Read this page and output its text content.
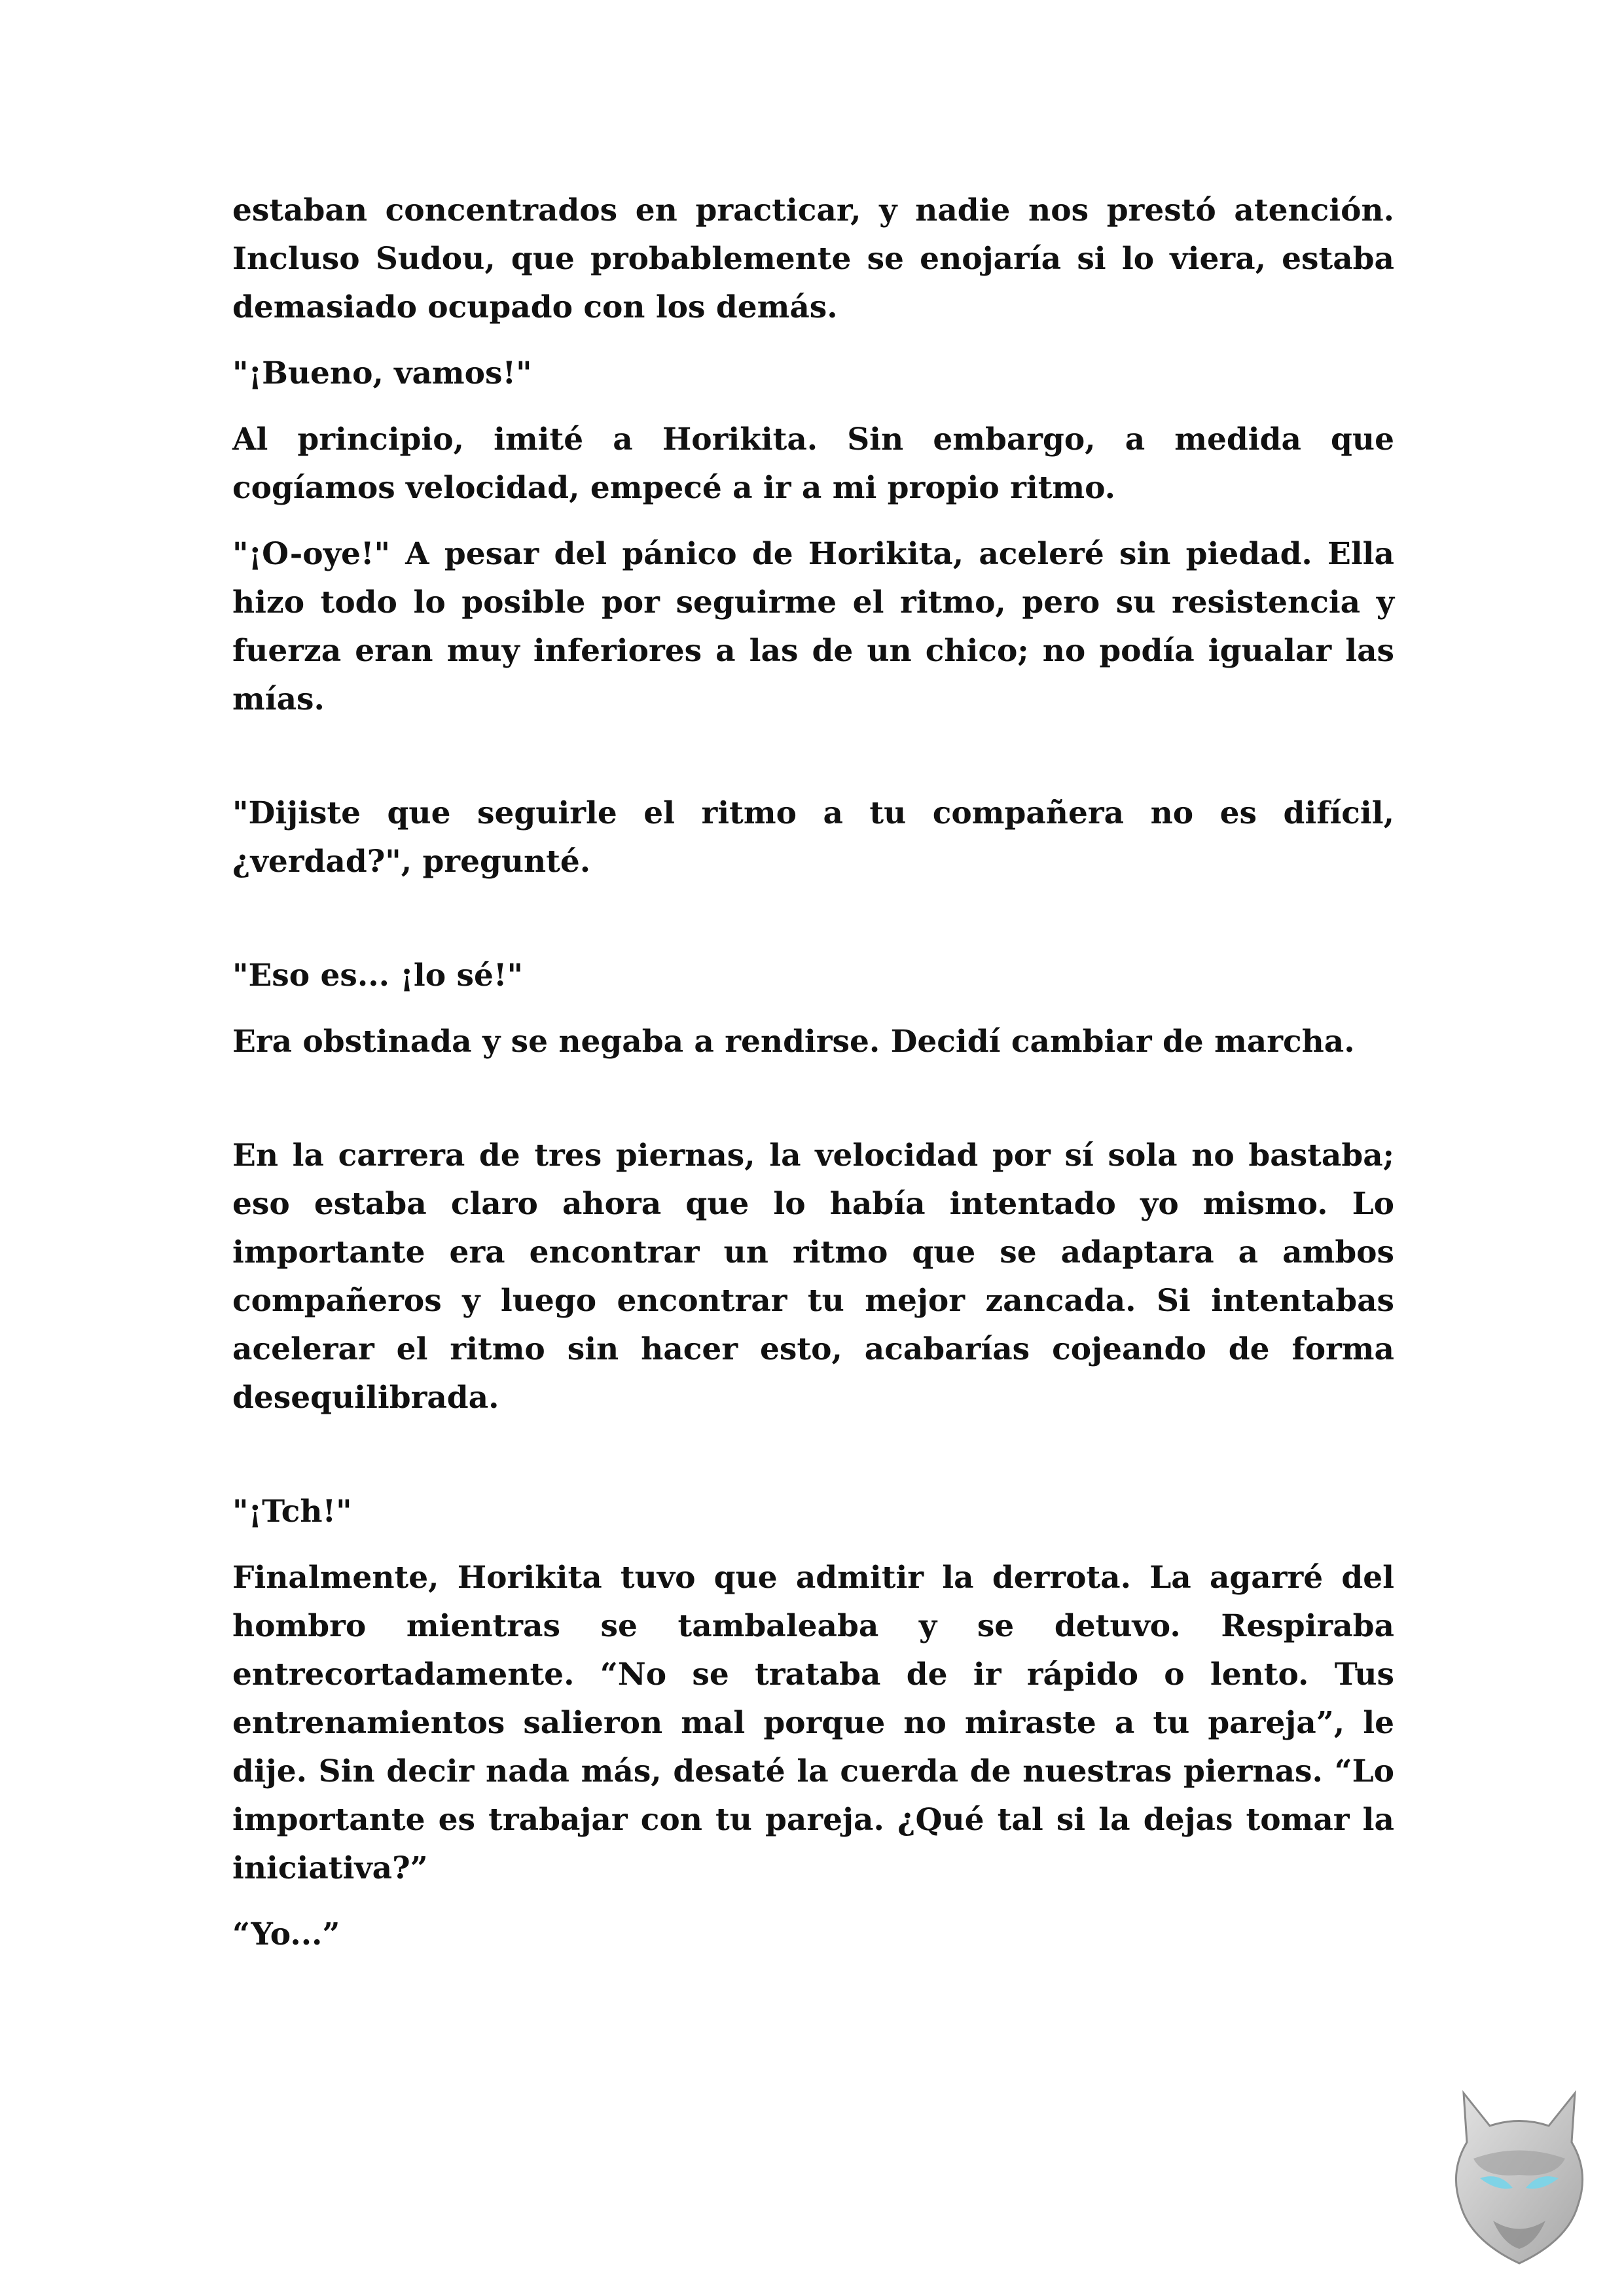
estaban concentrados en practicar, y nadie nos prestó atención. Incluso Sudou, que probablemente se enojaría si lo viera, estaba demasiado ocupado con los demás.

"¡Bueno, vamos!"

Al principio, imité a Horikita. Sin embargo, a medida que cogíamos velocidad, empecé a ir a mi propio ritmo.

"¡O-oye!" A pesar del pánico de Horikita, aceleré sin piedad. Ella hizo todo lo posible por seguirme el ritmo, pero su resistencia y fuerza eran muy inferiores a las de un chico; no podía igualar las mías.

"Dijiste que seguirle el ritmo a tu compañera no es difícil, ¿verdad?", pregunté.

"Eso es... ¡lo sé!"

Era obstinada y se negaba a rendirse. Decidí cambiar de marcha.

En la carrera de tres piernas, la velocidad por sí sola no bastaba; eso estaba claro ahora que lo había intentado yo mismo. Lo importante era encontrar un ritmo que se adaptara a ambos compañeros y luego encontrar tu mejor zancada. Si intentabas acelerar el ritmo sin hacer esto, acabarías cojeando de forma desequilibrada.

"¡Tch!"

Finalmente, Horikita tuvo que admitir la derrota. La agarré del hombro mientras se tambaleaba y se detuvo. Respiraba entrecortadamente. “No se trataba de ir rápido o lento. Tus entrenamientos salieron mal porque no miraste a tu pareja”, le dije. Sin decir nada más, desaté la cuerda de nuestras piernas. “Lo importante es trabajar con tu pareja. ¿Qué tal si la dejas tomar la iniciativa?”

“Yo...”
